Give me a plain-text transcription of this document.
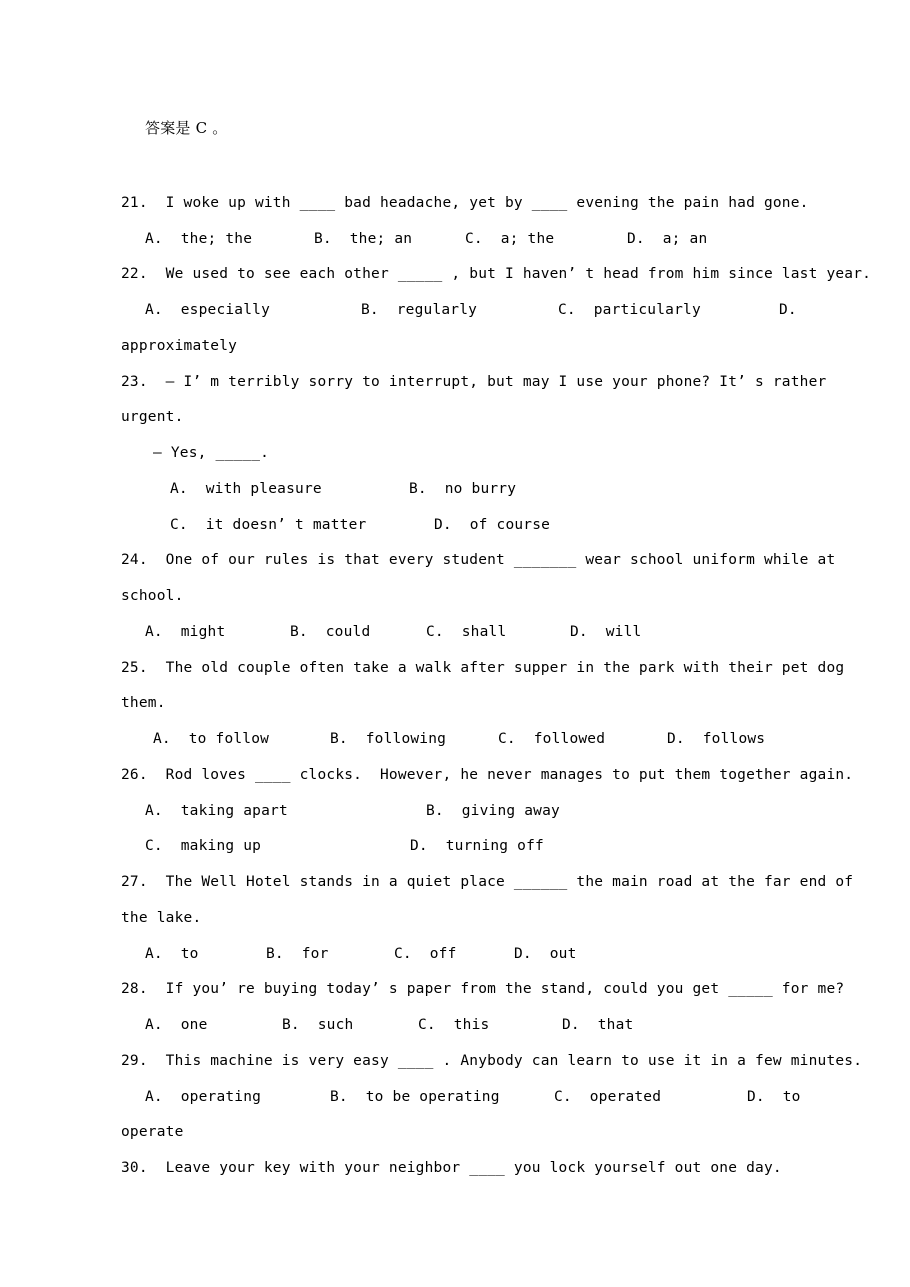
答案是 C 。
21.  I woke up with ____ bad headache, yet by ____ evening the pain had gone.
A.  the; the	B.  the; an	C.  a; the	D.  a; an
22.  We used to see each other _____ , but I haven’ t head from him since last year.
A.  especially	B.  regularly	C.  particularly	D.
approximately
23.  — I’ m terribly sorry to interrupt, but may I use your phone? It’ s rather
urgent.
— Yes, _____.
A.  with pleasure	B.  no burry
C.  it doesn’ t matter	D.  of course
24.  One of our rules is that every student _______ wear school uniform while at
school.
A.  might	B.  could	C.  shall	D.  will
25.  The old couple often take a walk after supper in the park with their pet dog
them.
A.  to follow	B.  following	C.  followed	D.  follows
26.  Rod loves ____ clocks.  However, he never manages to put them together again.
A.  taking apart	B.  giving away
C.  making up	D.  turning off
27.  The Well Hotel stands in a quiet place ______ the main road at the far end of
the lake.
A.  to	B.  for	C.  off	D.  out
28.  If you’ re buying today’ s paper from the stand, could you get _____ for me?
A.  one	B.  such	C.  this	D.  that
29.  This machine is very easy ____ . Anybody can learn to use it in a few minutes.
A.  operating	B.  to be operating	C.  operated	D.  to
operate
30.  Leave your key with your neighbor ____ you lock yourself out one day.
